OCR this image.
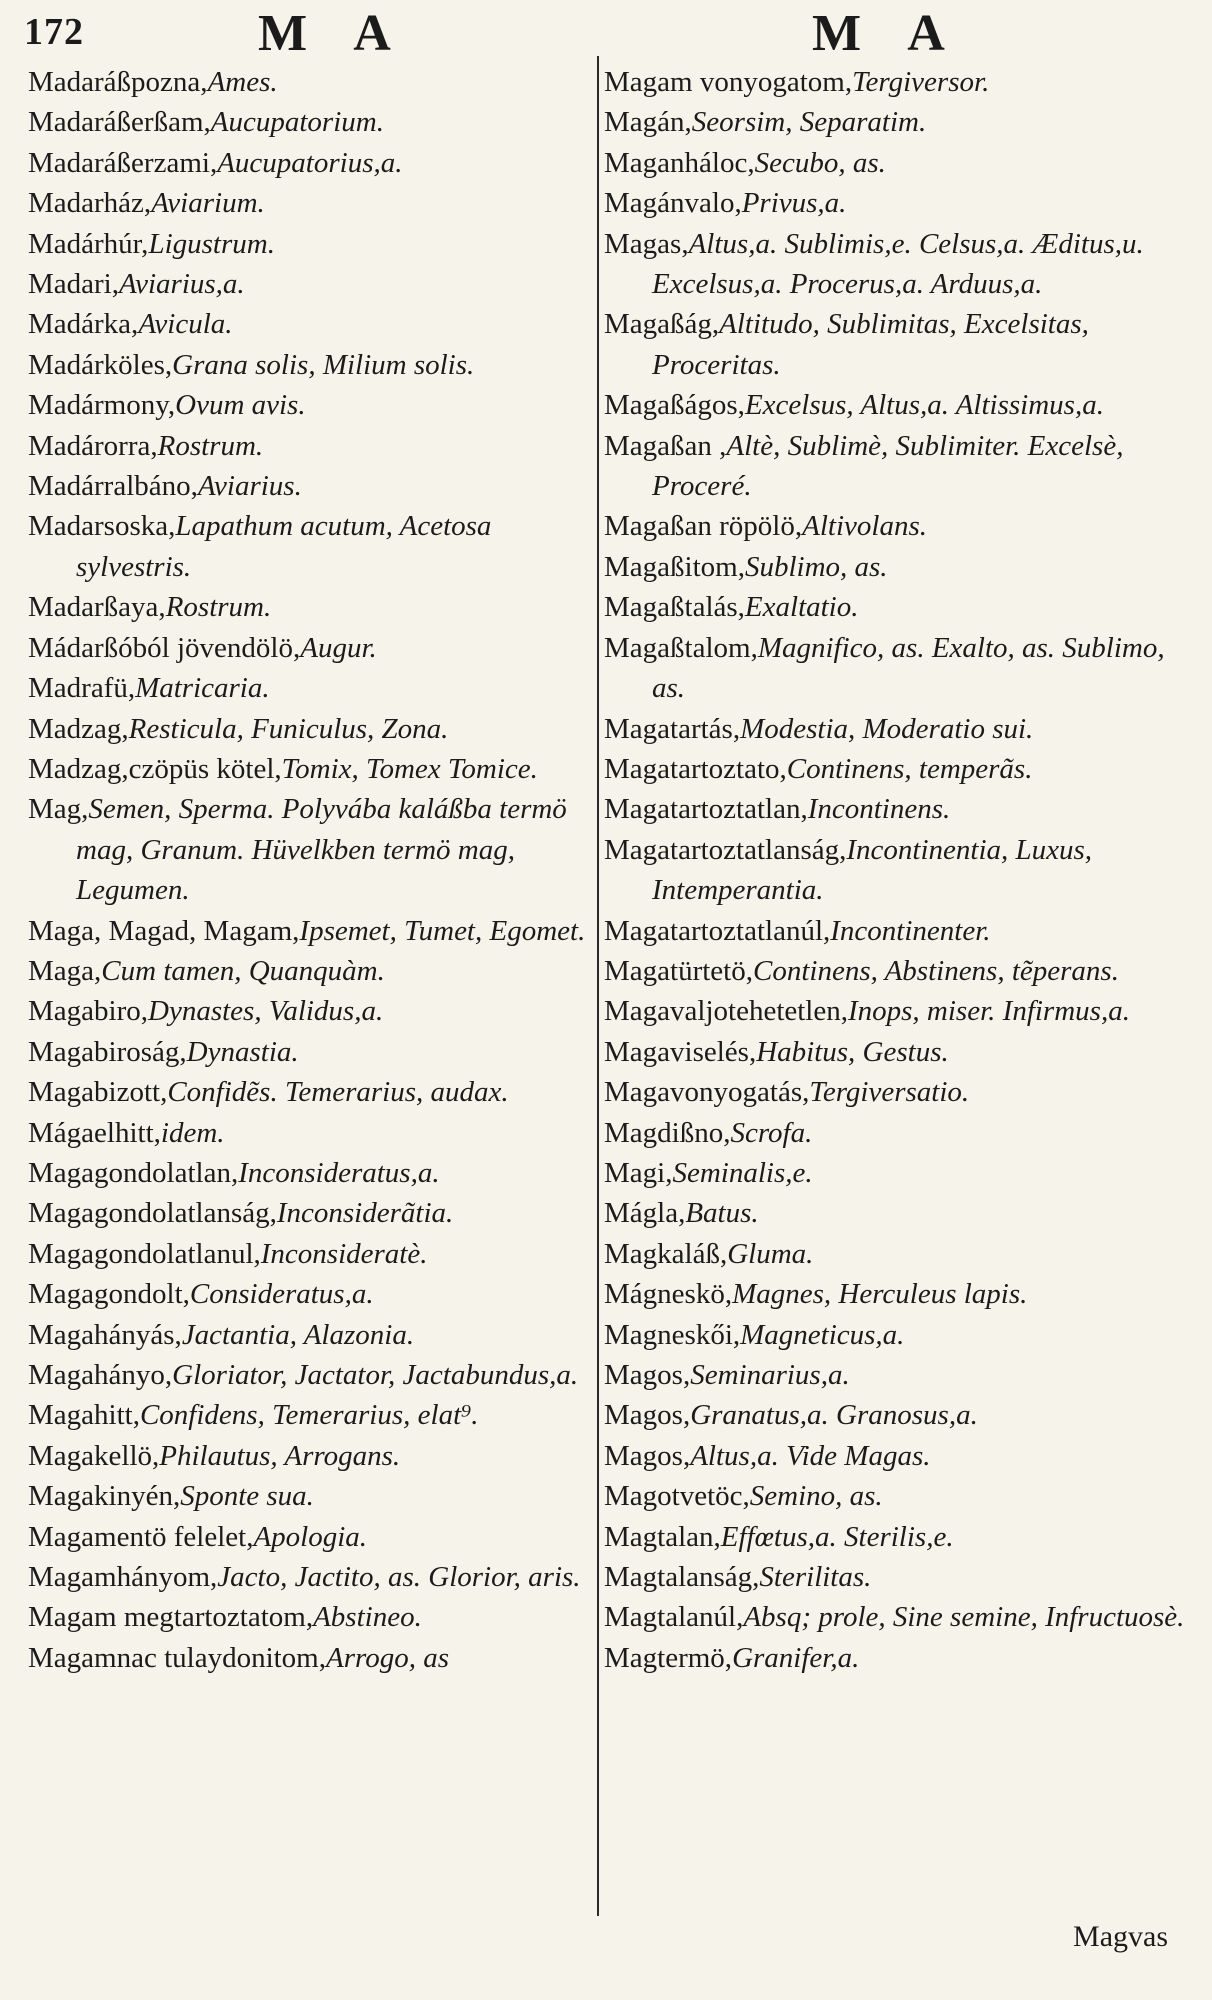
172	M A	M A
Madaráßpozna,Ames.
Madaráßerßam,Aucupatorium.
Madaráßerzami,Aucupatorius,a.
Madarház,Aviarium.
Madárhúr,Ligustrum.
Madari,Aviarius,a.
Madárka,Avicula.
Madárköles,Grana solis, Milium solis.
Madármony,Ovum avis.
Madárorra,Rostrum.
Madárralbáno,Aviarius.
Madarsoska,Lapathum acutum, Acetosa sylvestris.
Madarßaya,Rostrum.
Mádarßóból jövendölö,Augur.
Madrafü,Matricaria.
Madzag,Resticula, Funiculus, Zona.
Madzag,czöpüs kötel,Tomix, Tomex Tomice.
Mag,Semen, Sperma. Polyvába kaláßba termö mag, Granum. Hüvelkben termö mag, Legumen.
Maga, Magad, Magam,Ipsemet, Tumet, Egomet.
Maga,Cum tamen, Quanquàm.
Magabiro,Dynastes, Validus,a.
Magabiroság,Dynastia.
Magabizott,Confidẽs. Temerarius, audax.
Mágaelhitt,idem.
Magagondolatlan,Inconsideratus,a.
Magagondolatlanság,Inconsiderãtia.
Magagondolatlanul,Inconsideratè.
Magagondolt,Consideratus,a.
Magahányás,Jactantia, Alazonia.
Magahányo,Gloriator, Jactator, Jactabundus,a.
Magahitt,Confidens, Temerarius, elat⁹.
Magakellö,Philautus, Arrogans.
Magakinyén,Sponte sua.
Magamentö felelet,Apologia.
Magamhányom,Jacto, Jactito, as. Glorior, aris.
Magam megtartoztatom,Abstineo.
Magamnac tulaydonitom,Arrogo, as
Magam vonyogatom,Tergiversor.
Magán,Seorsim, Separatim.
Maganháloc,Secubo, as.
Magánvalo,Privus,a.
Magas,Altus,a. Sublimis,e. Celsus,a. Æditus,u. Excelsus,a. Procerus,a. Arduus,a.
Magaßág,Altitudo, Sublimitas, Excelsitas, Proceritas.
Magaßágos,Excelsus, Altus,a. Altissimus,a.
Magaßan ,Altè, Sublimè, Sublimiter. Excelsè, Proceré.
Magaßan röpölö,Altivolans.
Magaßitom,Sublimo, as.
Magaßtalás,Exaltatio.
Magaßtalom,Magnifico, as. Exalto, as. Sublimo, as.
Magatartás,Modestia, Moderatio sui.
Magatartoztato,Continens, temperãs.
Magatartoztatlan,Incontinens.
Magatartoztatlanság,Incontinentia, Luxus, Intemperantia.
Magatartoztatlanúl,Incontinenter.
Magatürtetö,Continens, Abstinens, tẽperans.
Magavaljotehetetlen,Inops, miser. Infirmus,a.
Magaviselés,Habitus, Gestus.
Magavonyogatás,Tergiversatio.
Magdißno,Scrofa.
Magi,Seminalis,e.
Mágla,Batus.
Magkaláß,Gluma.
Mágneskö,Magnes, Herculeus lapis.
Magneskői,Magneticus,a.
Magos,Seminarius,a.
Magos,Granatus,a. Granosus,a.
Magos,Altus,a. Vide Magas.
Magotvetöc,Semino, as.
Magtalan,Effœtus,a. Sterilis,e.
Magtalanság,Sterilitas.
Magtalanúl,Absq; prole, Sine semine, Infructuosè.
Magtermö,Granifer,a.
Magvas
